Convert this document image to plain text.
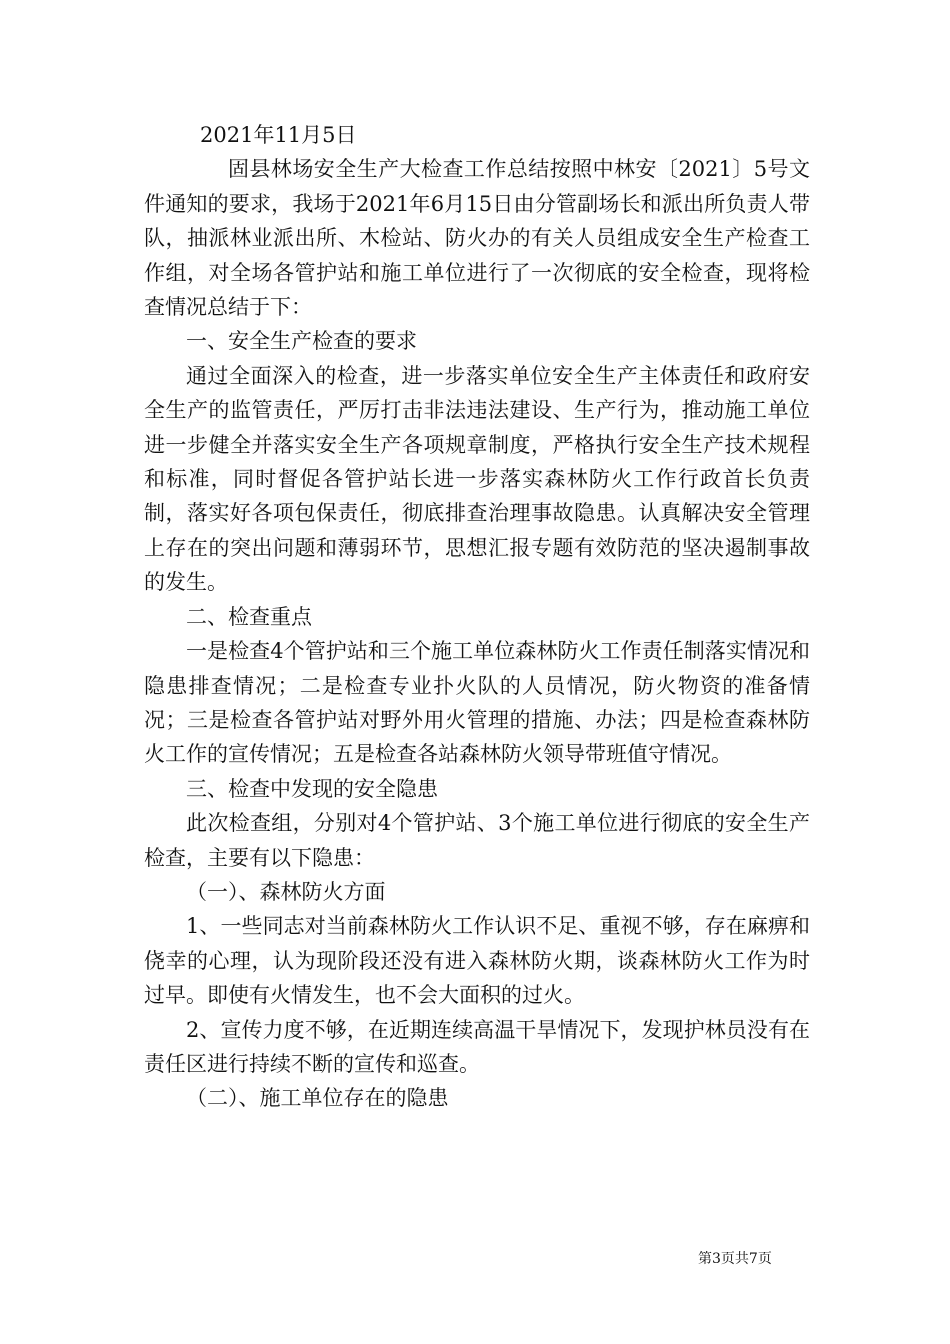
2021年11月5日

固县林场安全生产大检查工作总结按照中林安〔2021〕5号文件通知的要求，我场于2021年6月15日由分管副场长和派出所负责人带队，抽派林业派出所、木检站、防火办的有关人员组成安全生产检查工作组，对全场各管护站和施工单位进行了一次彻底的安全检查，现将检查情况总结于下：

一、安全生产检查的要求

通过全面深入的检查，进一步落实单位安全生产主体责任和政府安全生产的监管责任，严厉打击非法违法建设、生产行为，推动施工单位进一步健全并落实安全生产各项规章制度，严格执行安全生产技术规程和标准，同时督促各管护站长进一步落实森林防火工作行政首长负责制，落实好各项包保责任，彻底排查治理事故隐患。认真解决安全管理上存在的突出问题和薄弱环节，思想汇报专题有效防范的坚决遏制事故的发生。

二、检查重点

一是检查4个管护站和三个施工单位森林防火工作责任制落实情况和隐患排查情况；二是检查专业扑火队的人员情况，防火物资的准备情况；三是检查各管护站对野外用火管理的措施、办法；四是检查森林防火工作的宣传情况；五是检查各站森林防火领导带班值守情况。

三、检查中发现的安全隐患

此次检查组，分别对4个管护站、3个施工单位进行彻底的安全生产检查，主要有以下隐患：

（一）、森林防火方面

1、一些同志对当前森林防火工作认识不足、重视不够，存在麻痹和侥幸的心理，认为现阶段还没有进入森林防火期，谈森林防火工作为时过早。即使有火情发生，也不会大面积的过火。

2、宣传力度不够，在近期连续高温干旱情况下，发现护林员没有在责任区进行持续不断的宣传和巡查。

（二）、施工单位存在的隐患

第3页共7页
